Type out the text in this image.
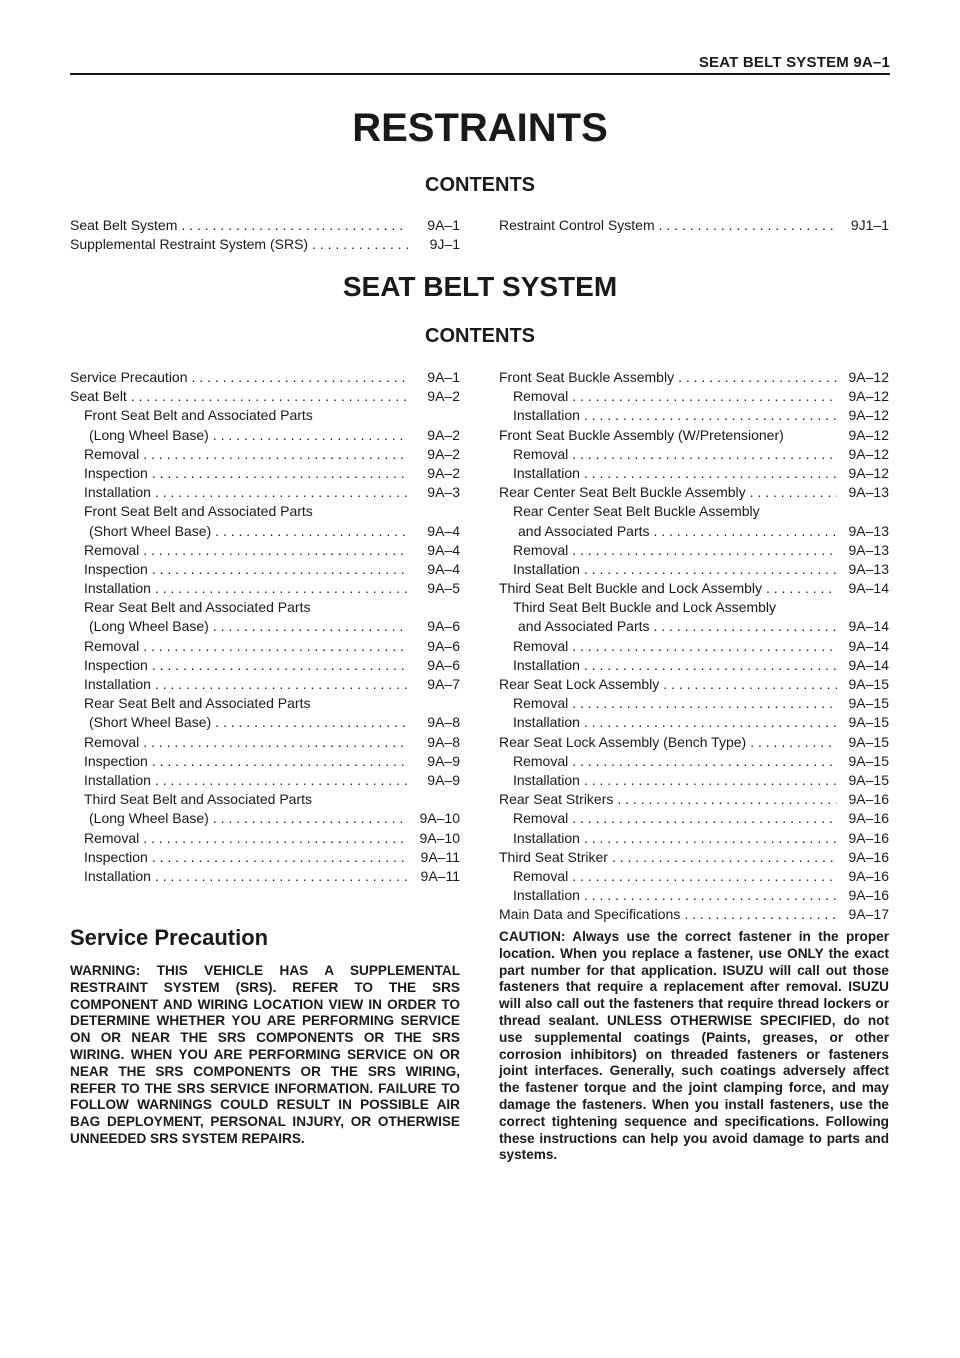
SEAT BELT SYSTEM 9A–1
RESTRAINTS
CONTENTS
Seat Belt System . . .	9A–1
Supplemental Restraint System (SRS) . . .	9J–1
Restraint Control System . . .	9J1–1
SEAT BELT SYSTEM
CONTENTS
Service Precaution . . .	9A–1
Seat Belt . . .	9A–2
Front Seat Belt and Associated Parts
(Long Wheel Base) . . .	9A–2
Removal . . .	9A–2
Inspection . . .	9A–2
Installation . . .	9A–3
Front Seat Belt and Associated Parts
(Short Wheel Base) . . .	9A–4
Removal . . .	9A–4
Inspection . . .	9A–4
Installation . . .	9A–5
Rear Seat Belt and Associated Parts
(Long Wheel Base) . . .	9A–6
Removal . . .	9A–6
Inspection . . .	9A–6
Installation . . .	9A–7
Rear Seat Belt and Associated Parts
(Short Wheel Base) . . .	9A–8
Removal . . .	9A–8
Inspection . . .	9A–9
Installation . . .	9A–9
Third Seat Belt and Associated Parts
(Long Wheel Base) . . .	9A–10
Removal . . .	9A–10
Inspection . . .	9A–11
Installation . . .	9A–11
Front Seat Buckle Assembly . . .	9A–12
Removal . . .	9A–12
Installation . . .	9A–12
Front Seat Buckle Assembly (W/Pretensioner)	9A–12
Removal . . .	9A–12
Installation . . .	9A–12
Rear Center Seat Belt Buckle Assembly . . .	9A–13
Rear Center Seat Belt Buckle Assembly
and Associated Parts . . .	9A–13
Removal . . .	9A–13
Installation . . .	9A–13
Third Seat Belt Buckle and Lock Assembly . . .	9A–14
Third Seat Belt Buckle and Lock Assembly
and Associated Parts . . .	9A–14
Removal . . .	9A–14
Installation . . .	9A–14
Rear Seat Lock Assembly . . .	9A–15
Removal . . .	9A–15
Installation . . .	9A–15
Rear Seat Lock Assembly (Bench Type) . . .	9A–15
Removal . . .	9A–15
Installation . . .	9A–15
Rear Seat Strikers . . .	9A–16
Removal . . .	9A–16
Installation . . .	9A–16
Third Seat Striker . . .	9A–16
Removal . . .	9A–16
Installation . . .	9A–16
Main Data and Specifications . . .	9A–17
Service Precaution
WARNING: THIS VEHICLE HAS A SUPPLEMENTAL RESTRAINT SYSTEM (SRS). REFER TO THE SRS COMPONENT AND WIRING LOCATION VIEW IN ORDER TO DETERMINE WHETHER YOU ARE PERFORMING SERVICE ON OR NEAR THE SRS COMPONENTS OR THE SRS WIRING. WHEN YOU ARE PERFORMING SERVICE ON OR NEAR THE SRS COMPONENTS OR THE SRS WIRING, REFER TO THE SRS SERVICE INFORMATION. FAILURE TO FOLLOW WARNINGS COULD RESULT IN POSSIBLE AIR BAG DEPLOYMENT, PERSONAL INJURY, OR OTHERWISE UNNEEDED SRS SYSTEM REPAIRS.
CAUTION: Always use the correct fastener in the proper location. When you replace a fastener, use ONLY the exact part number for that application. ISUZU will call out those fasteners that require a replacement after removal. ISUZU will also call out the fasteners that require thread lockers or thread sealant. UNLESS OTHERWISE SPECIFIED, do not use supplemental coatings (Paints, greases, or other corrosion inhibitors) on threaded fasteners or fasteners joint interfaces. Generally, such coatings adversely affect the fastener torque and the joint clamping force, and may damage the fasteners. When you install fasteners, use the correct tightening sequence and specifications. Following these instructions can help you avoid damage to parts and systems.
